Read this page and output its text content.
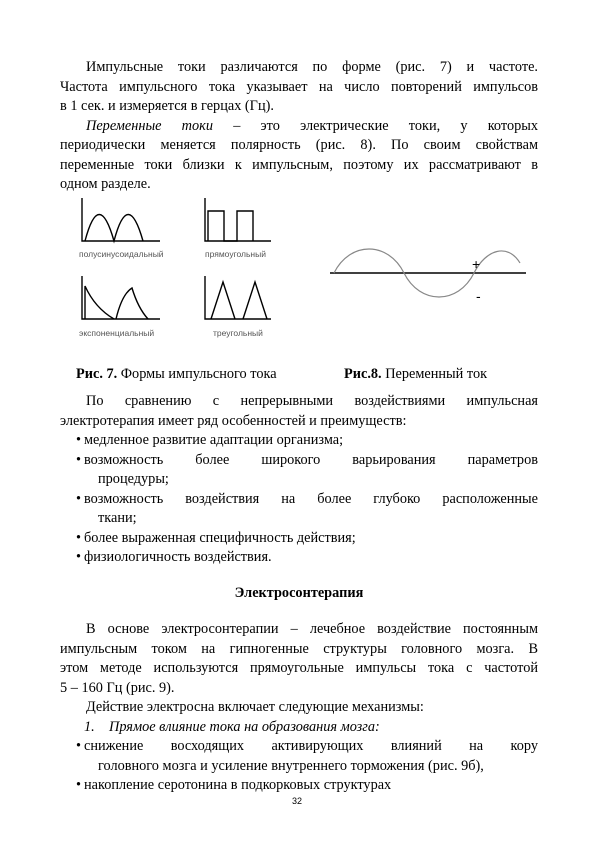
Импульсные токи различаются по форме (рис. 7) и частоте.
Частота импульсного тока указывает на число повторений импульсов
в 1 сек. и измеряется в герцах (Гц).
Переменные токи – это электрические токи, у которых
периодически меняется полярность (рис. 8). По своим свойствам
переменные токи близки к импульсным, поэтому их рассматривают в
одном разделе.
полусинусоидальный	прямоугольный
экспоненциальный	треугольный
+
-
Рис. 7. Формы импульсного тока	Рис.8. Переменный ток
По сравнению с непрерывными воздействиями импульсная
электротерапия имеет ряд особенностей и преимуществ:
• медленное развитие адаптации организма;
• возможность более широкого варьирования параметров
процедуры;
• возможность воздействия на более глубоко расположенные
ткани;
• более выраженная специфичность действия;
• физиологичность воздействия.
Электросонтерапия
В основе электросонтерапии – лечебное воздействие постоянным
импульсным током на гипногенные структуры головного мозга. В
этом методе используются прямоугольные импульсы тока с частотой
5 – 160 Гц (рис. 9).
Действие электросна включает следующие механизмы:
1.    Прямое влияние тока на образования мозга:
• снижение восходящих активирующих влияний на кору
головного мозга и усиление внутреннего торможения (рис. 9б),
• накопление серотонина в подкорковых структурах
32
